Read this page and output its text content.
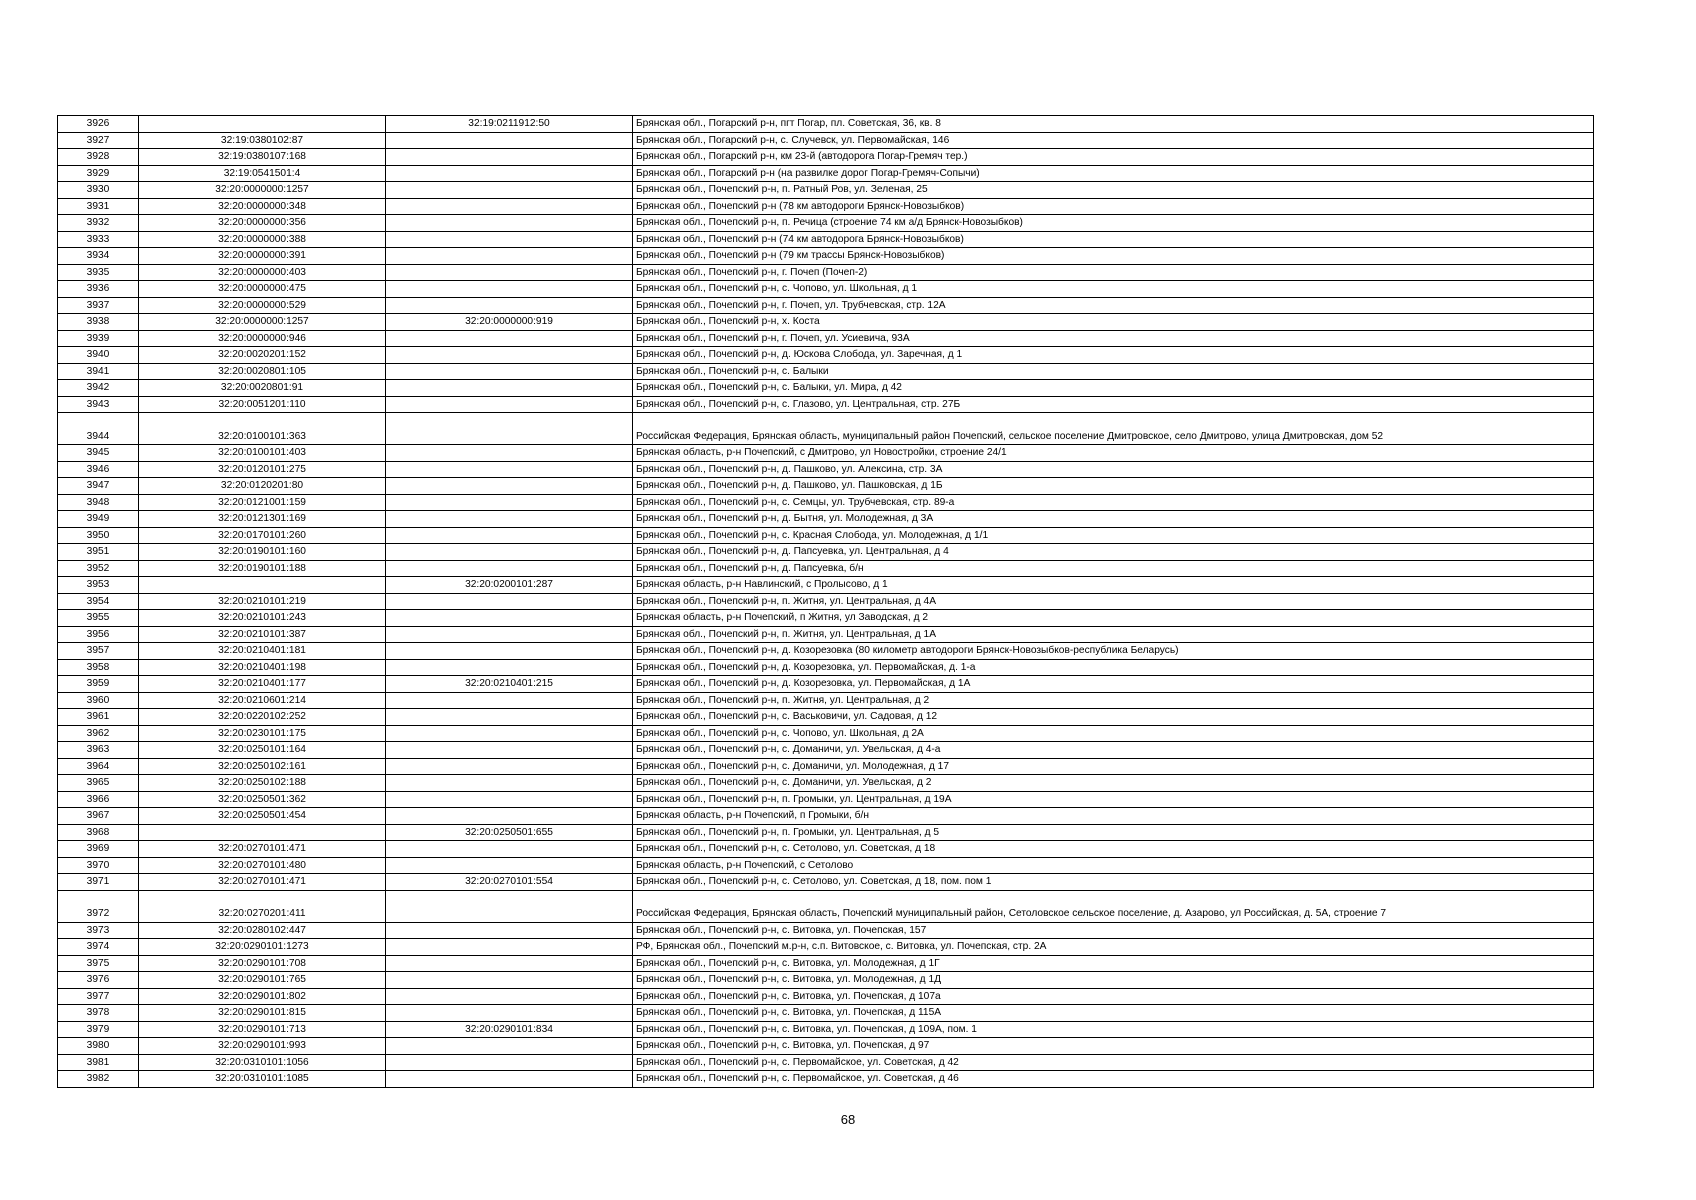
3926		32:19:0211912:50	Брянская обл., Погарский р-н, пгт Погар, пл. Советская, 36, кв. 8
3927	32:19:0380102:87		Брянская обл., Погарский р-н, с. Случевск, ул. Первомайская, 146
3928	32:19:0380107:168		Брянская обл., Погарский р-н, км 23-й (автодорога Погар-Гремяч тер.)
3929	32:19:0541501:4		Брянская обл., Погарский р-н (на развилке дорог Погар-Гремяч-Сопычи)
3930	32:20:0000000:1257		Брянская обл., Почепский р-н, п. Ратный Ров, ул. Зеленая, 25
3931	32:20:0000000:348		Брянская обл., Почепский р-н (78 км автодороги Брянск-Новозыбков)
3932	32:20:0000000:356		Брянская обл., Почепский р-н, п. Речица (строение 74 км а/д Брянск-Новозыбков)
3933	32:20:0000000:388		Брянская обл., Почепский р-н (74 км автодорога Брянск-Новозыбков)
3934	32:20:0000000:391		Брянская обл., Почепский р-н (79 км трассы Брянск-Новозыбков)
3935	32:20:0000000:403		Брянская обл., Почепский р-н, г. Почеп (Почеп-2)
3936	32:20:0000000:475		Брянская обл., Почепский р-н, с. Чопово, ул. Школьная, д 1
3937	32:20:0000000:529		Брянская обл., Почепский р-н, г. Почеп, ул. Трубчевская, стр. 12А
3938	32:20:0000000:1257	32:20:0000000:919	Брянская обл., Почепский р-н, х. Коста
3939	32:20:0000000:946		Брянская обл., Почепский р-н, г. Почеп, ул. Усиевича, 93А
3940	32:20:0020201:152		Брянская обл., Почепский р-н, д. Юскова Слобода, ул. Заречная, д 1
3941	32:20:0020801:105		Брянская обл., Почепский р-н, с. Балыки
3942	32:20:0020801:91		Брянская обл., Почепский р-н, с. Балыки, ул. Мира, д 42
3943	32:20:0051201:110		Брянская обл., Почепский р-н, с. Глазово, ул. Центральная, стр. 27Б
3944	32:20:0100101:363		Российская Федерация, Брянская область, муниципальный район Почепский, сельское поселение Дмитровское, село Дмитрово, улица Дмитровская, дом 52
3945	32:20:0100101:403		Брянская область, р-н Почепский, с Дмитрово, ул Новостройки, строение 24/1
3946	32:20:0120101:275		Брянская обл., Почепский р-н, д. Пашково, ул. Алексина, стр. 3А
3947	32:20:0120201:80		Брянская обл., Почепский р-н, д. Пашково, ул. Пашковская, д 1Б
3948	32:20:0121001:159		Брянская обл., Почепский р-н, с. Семцы, ул. Трубчевская, стр. 89-а
3949	32:20:0121301:169		Брянская обл., Почепский р-н, д. Бытня, ул. Молодежная, д 3А
3950	32:20:0170101:260		Брянская обл., Почепский р-н, с. Красная Слобода, ул. Молодежная, д 1/1
3951	32:20:0190101:160		Брянская обл., Почепский р-н, д. Папсуевка, ул. Центральная, д 4
3952	32:20:0190101:188		Брянская обл., Почепский р-н, д. Папсуевка, б/н
3953		32:20:0200101:287	Брянская область, р-н Навлинский, с Пролысово, д 1
3954	32:20:0210101:219		Брянская обл., Почепский р-н, п. Житня, ул. Центральная, д 4А
3955	32:20:0210101:243		Брянская область, р-н Почепский, п Житня, ул Заводская, д 2
3956	32:20:0210101:387		Брянская обл., Почепский р-н, п. Житня, ул. Центральная, д 1А
3957	32:20:0210401:181		Брянская обл., Почепский р-н, д. Козорезовка (80 километр автодороги Брянск-Новозыбков-республика Беларусь)
3958	32:20:0210401:198		Брянская обл., Почепский р-н, д. Козорезовка, ул. Первомайская, д. 1-а
3959	32:20:0210401:177	32:20:0210401:215	Брянская обл., Почепский р-н, д. Козорезовка, ул. Первомайская, д 1А
3960	32:20:0210601:214		Брянская обл., Почепский р-н, п. Житня, ул. Центральная, д 2
3961	32:20:0220102:252		Брянская обл., Почепский р-н, с. Васьковичи, ул. Садовая, д 12
3962	32:20:0230101:175		Брянская обл., Почепский р-н, с. Чопово, ул. Школьная, д 2А
3963	32:20:0250101:164		Брянская обл., Почепский р-н, с. Доманичи, ул. Увельская, д 4-а
3964	32:20:0250102:161		Брянская обл., Почепский р-н, с. Доманичи, ул. Молодежная, д 17
3965	32:20:0250102:188		Брянская обл., Почепский р-н, с. Доманичи, ул. Увельская, д 2
3966	32:20:0250501:362		Брянская обл., Почепский р-н, п. Громыки, ул. Центральная, д 19А
3967	32:20:0250501:454		Брянская область, р-н Почепский, п Громыки, б/н
3968		32:20:0250501:655	Брянская обл., Почепский р-н, п. Громыки, ул. Центральная, д 5
3969	32:20:0270101:471		Брянская обл., Почепский р-н, с. Сетолово, ул. Советская, д 18
3970	32:20:0270101:480		Брянская область, р-н Почепский, с Сетолово
3971	32:20:0270101:471	32:20:0270101:554	Брянская обл., Почепский р-н, с. Сетолово, ул. Советская, д 18, пом. пом 1
3972	32:20:0270201:411		Российская Федерация, Брянская область, Почепский муниципальный район, Сетоловское сельское поселение, д. Азарово, ул Российская, д. 5А, строение 7
3973	32:20:0280102:447		Брянская обл., Почепский р-н, с. Витовка, ул. Почепская, 157
3974	32:20:0290101:1273		РФ, Брянская обл., Почепский м.р-н, с.п. Витовское, с. Витовка, ул. Почепская, стр. 2А
3975	32:20:0290101:708		Брянская обл., Почепский р-н, с. Витовка, ул. Молодежная, д 1Г
3976	32:20:0290101:765		Брянская обл., Почепский р-н, с. Витовка, ул. Молодежная, д 1Д
3977	32:20:0290101:802		Брянская обл., Почепский р-н, с. Витовка, ул. Почепская, д 107а
3978	32:20:0290101:815		Брянская обл., Почепский р-н, с. Витовка, ул. Почепская, д 115А
3979	32:20:0290101:713	32:20:0290101:834	Брянская обл., Почепский р-н, с. Витовка, ул. Почепская, д 109А, пом. 1
3980	32:20:0290101:993		Брянская обл., Почепский р-н, с. Витовка, ул. Почепская, д 97
3981	32:20:0310101:1056		Брянская обл., Почепский р-н, с. Первомайское, ул. Советская, д 42
3982	32:20:0310101:1085		Брянская обл., Почепский р-н, с. Первомайское, ул. Советская, д 46
68
